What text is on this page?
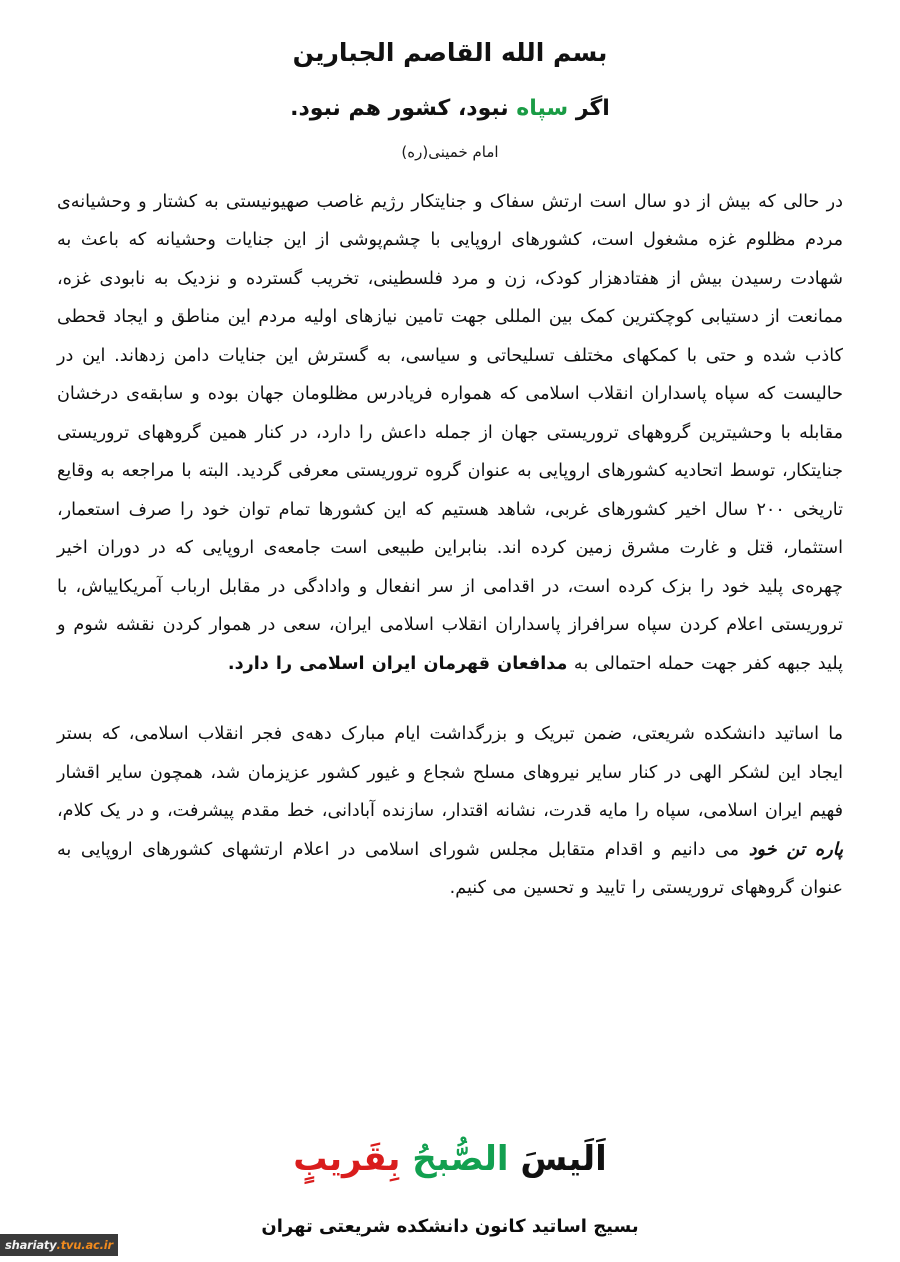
بسم الله القاصم الجبارین
اگر سپاه نبود، کشور هم نبود.
امام خمینی(ره)

در حالی که بیش از دو سال است ارتش سفاک و جنایتکار رژیم غاصب صهیونیستی به کشتار و وحشیانه‌ی مردم مظلوم غزه مشغول است، کشورهای اروپایی با چشم‌پوشی از این جنایات وحشیانه که باعث به شهادت رسیدن بیش از هفتادهزار کودک، زن و مرد فلسطینی، تخریب گسترده و نزدیک به نابودی غزه، ممانعت از دستیابی کوچکترین کمک بین المللی جهت تامین نیازهای اولیه مردم این مناطق و ایجاد قحطی کاذب شده و حتی با کمکهای مختلف تسلیحاتی و سیاسی، به گسترش این جنایات دامن زدهاند. این در حالیست که سپاه پاسداران انقلاب اسلامی که همواره فریادرس مظلومان جهان بوده و سابقه‌ی درخشان مقابله با وحشیترین گروههای تروریستی جهان از جمله داعش را دارد، در کنار همین گروههای تروریستی جنایتکار، توسط اتحادیه کشورهای اروپایی به عنوان گروه تروریستی معرفی گردید. البته با مراجعه به وقایع تاریخی ۲۰۰ سال اخیر کشورهای غربی، شاهد هستیم که این کشورها تمام توان خود را صرف استعمار، استثمار، قتل و غارت مشرق زمین کرده اند. بنابراین طبیعی است جامعه‌ی اروپایی که در دوران اخیر چهره‌ی پلید خود را بزک کرده است، در اقدامی از سر انفعال و وادادگی در مقابل ارباب آمریکاییاش، با تروریستی اعلام کردن سپاه سرافراز پاسداران انقلاب اسلامی ایران، سعی در هموار کردن نقشه شوم و پلید جبهه کفر جهت حمله احتمالی به مدافعان قهرمان ایران اسلامی را دارد.

ما اساتید دانشکده شریعتی، ضمن تبریک و بزرگداشت ایام مبارک دهه‌ی فجر انقلاب اسلامی، که بستر ایجاد این لشکر الهی در کنار سایر نیروهای مسلح شجاع و غیور کشور عزیزمان شد، همچون سایر اقشار فهیم ایران اسلامی، سپاه را مایه قدرت، نشانه اقتدار، سازنده آبادانی، خط مقدم پیشرفت، و در یک کلام، پاره تن خود می دانیم و اقدام متقابل مجلس شورای اسلامی در اعلام ارتشهای کشورهای اروپایی به عنوان گروههای تروریستی را تایید و تحسین می کنیم.

اَلَیسَ الصُّبحُ بِقَریبٍ
بسیج اساتید کانون دانشکده شریعتی تهران
shariaty .tvu.ac.ir
